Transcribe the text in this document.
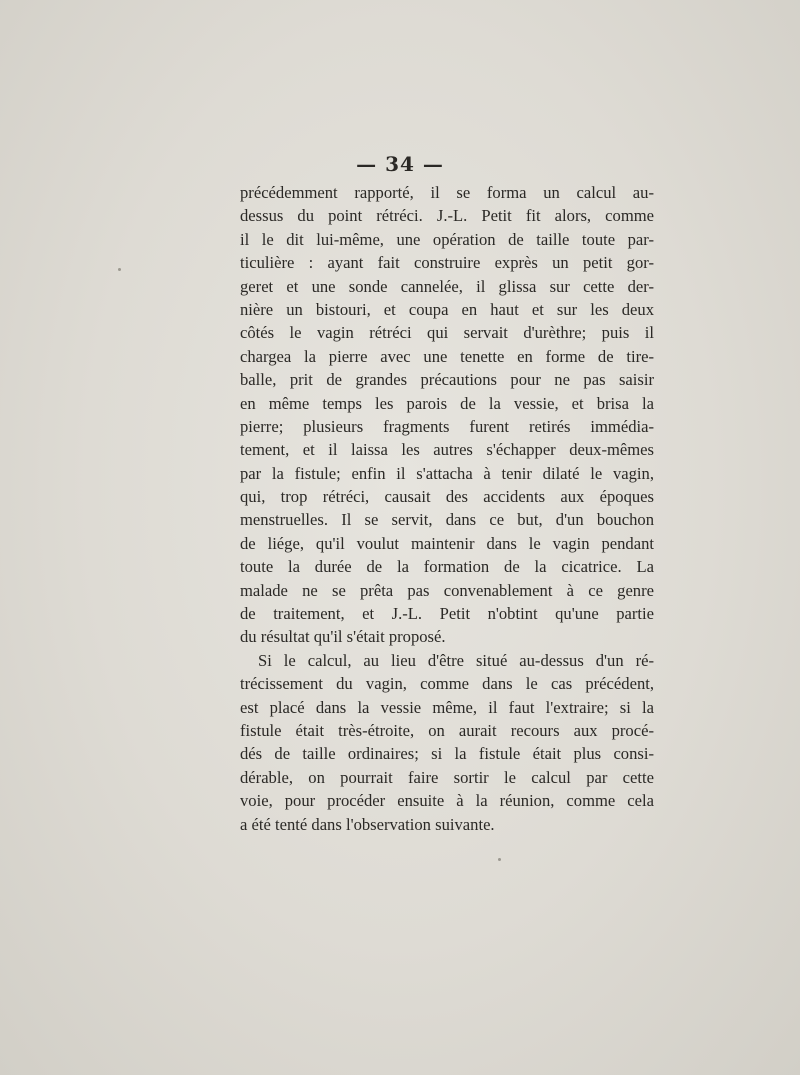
— 34 —
précédemment rapporté, il se forma un calcul au-
dessus du point rétréci. J.-L. Petit fit alors, comme
il le dit lui-même, une opération de taille toute par-
ticulière : ayant fait construire exprès un petit gor-
geret et une sonde cannelée, il glissa sur cette der-
nière un bistouri, et coupa en haut et sur les deux
côtés le vagin rétréci qui servait d'urèthre; puis il
chargea la pierre avec une tenette en forme de tire-
balle, prit de grandes précautions pour ne pas saisir
en même temps les parois de la vessie, et brisa la
pierre; plusieurs fragments furent retirés immédia-
tement, et il laissa les autres s'échapper deux-mêmes
par la fistule; enfin il s'attacha à tenir dilaté le vagin,
qui, trop rétréci, causait des accidents aux époques
menstruelles. Il se servit, dans ce but, d'un bouchon
de liége, qu'il voulut maintenir dans le vagin pendant
toute la durée de la formation de la cicatrice. La
malade ne se prêta pas convenablement à ce genre
de traitement, et J.-L. Petit n'obtint qu'une partie
du résultat qu'il s'était proposé.
Si le calcul, au lieu d'être situé au-dessus d'un ré-
trécissement du vagin, comme dans le cas précédent,
est placé dans la vessie même, il faut l'extraire; si la
fistule était très-étroite, on aurait recours aux procé-
dés de taille ordinaires; si la fistule était plus consi-
dérable, on pourrait faire sortir le calcul par cette
voie, pour procéder ensuite à la réunion, comme cela
a été tenté dans l'observation suivante.
